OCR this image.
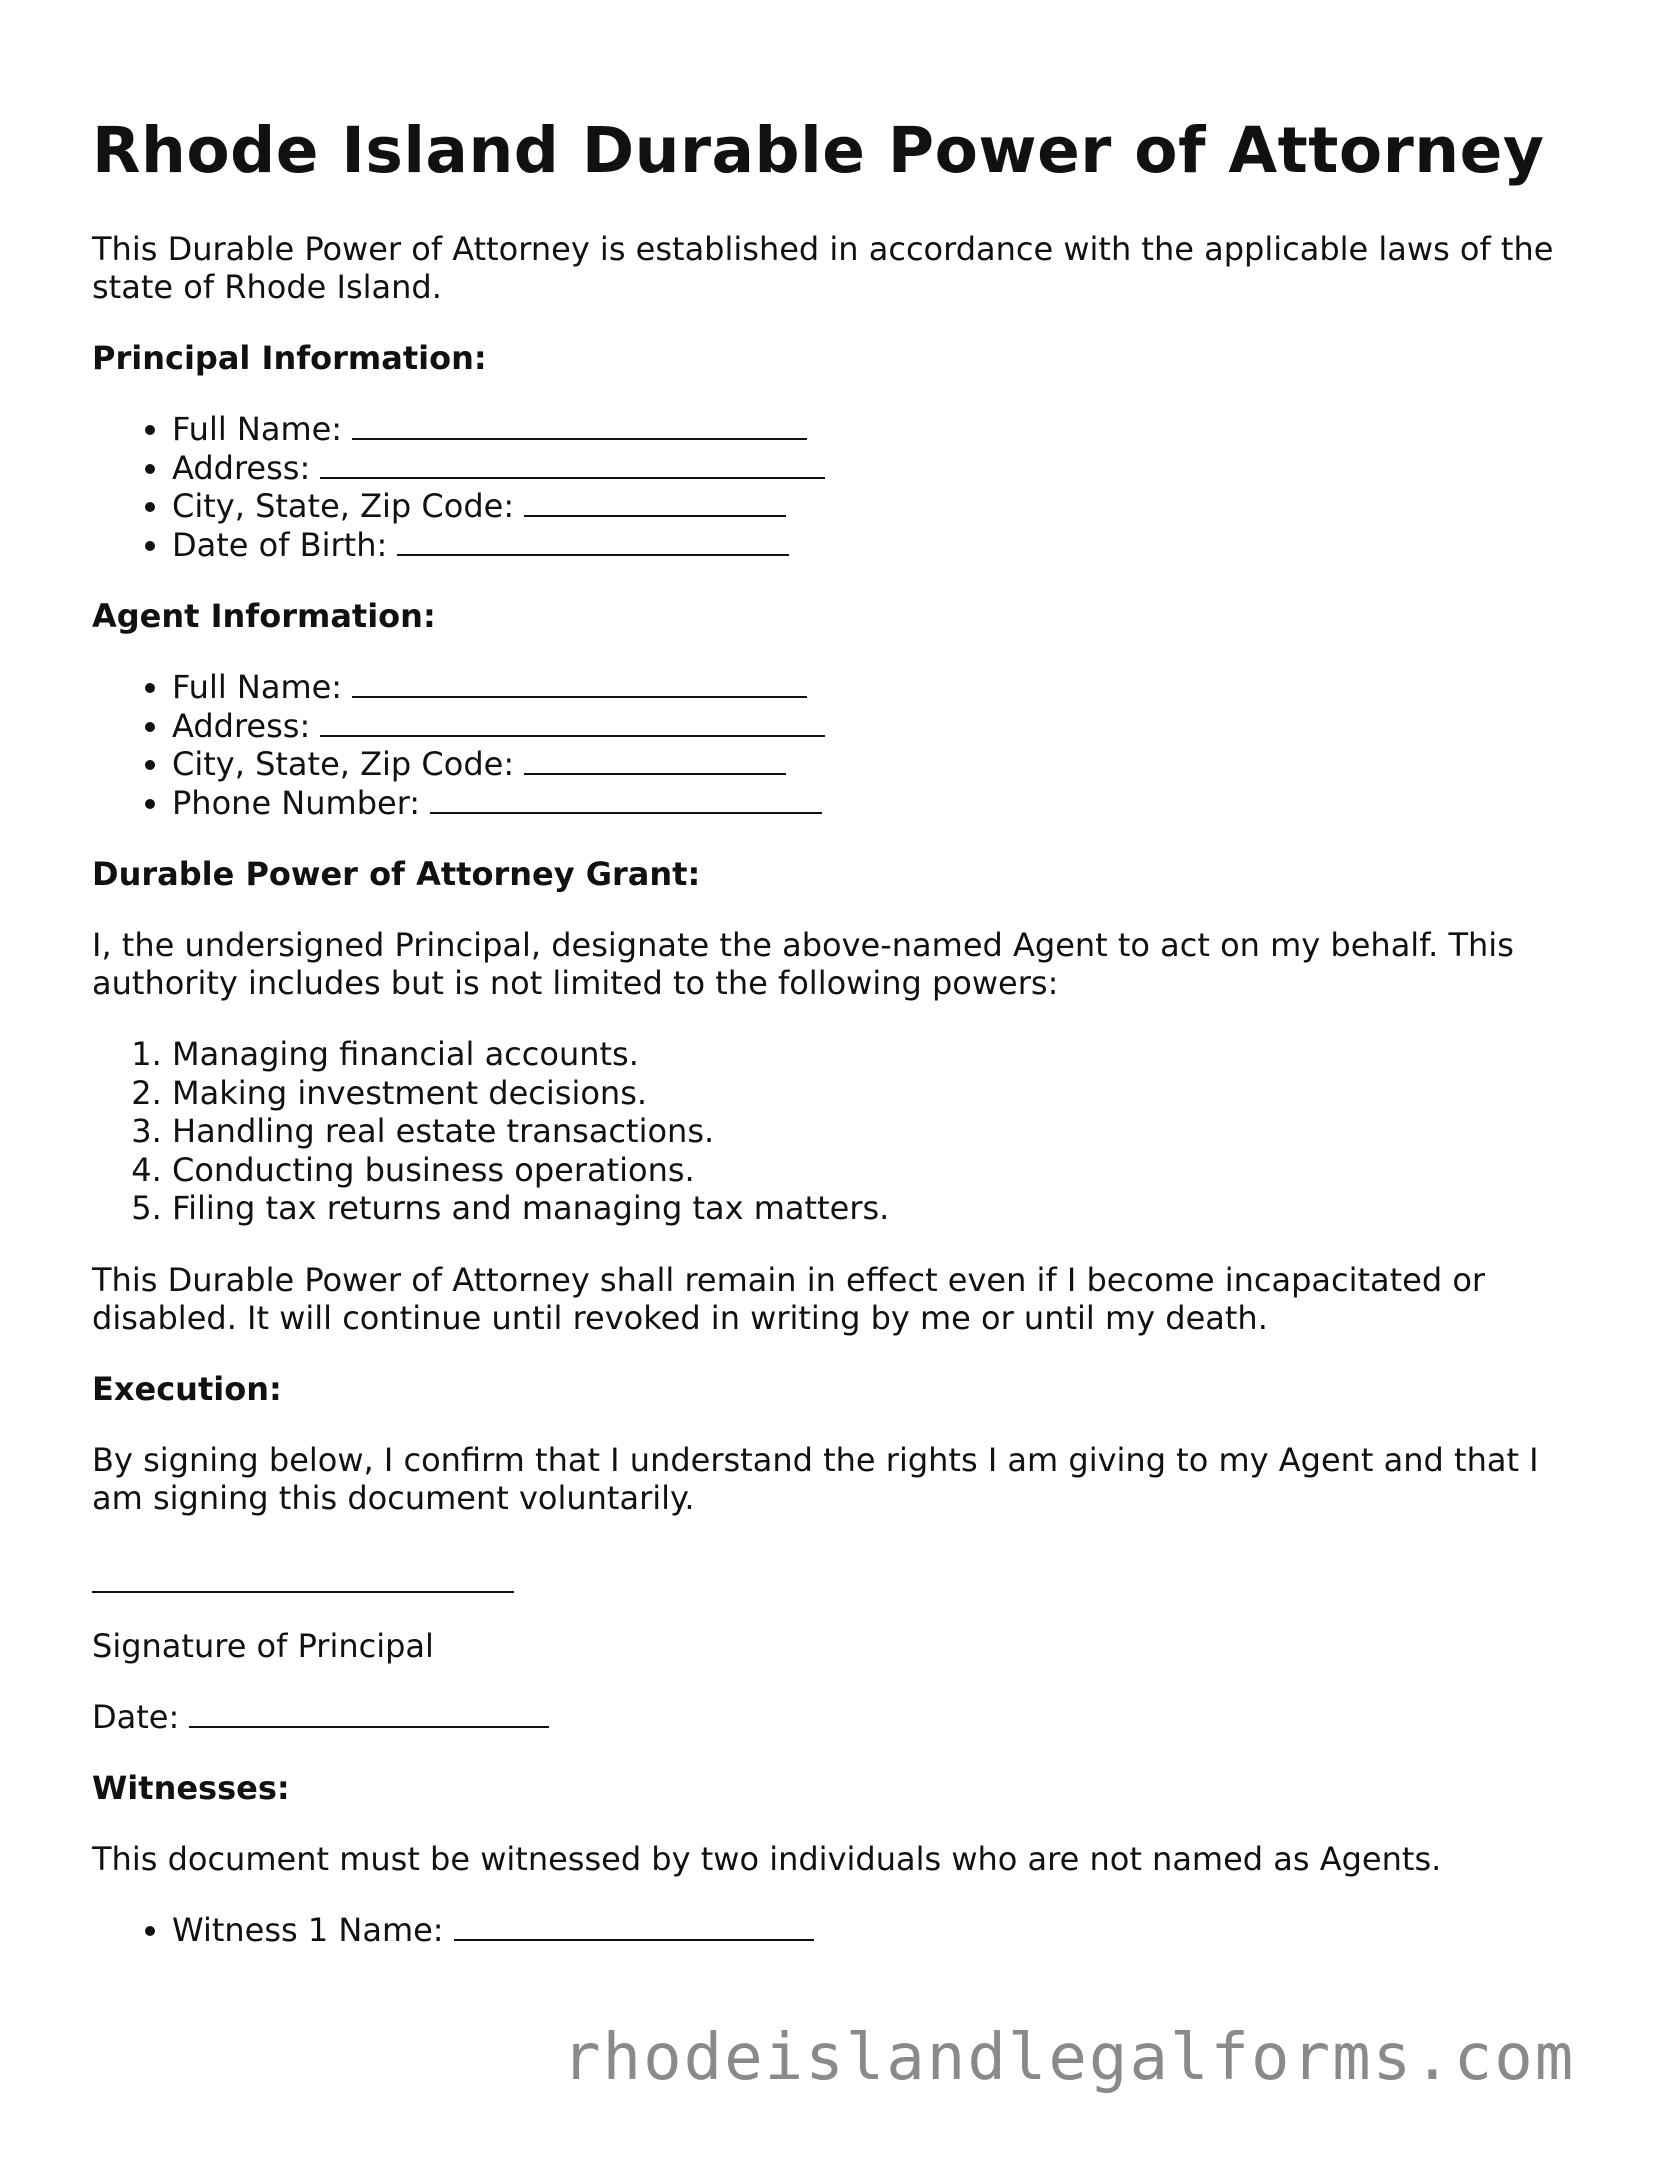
Rhode Island Durable Power of Attorney

This Durable Power of Attorney is established in accordance with the applicable laws of the state of Rhode Island.

Principal Information:
• Full Name:
• Address:
• City, State, Zip Code:
• Date of Birth:
Agent Information:
• Full Name:
• Address:
• City, State, Zip Code:
• Phone Number:
Durable Power of Attorney Grant:

I, the undersigned Principal, designate the above-named Agent to act on my behalf. This authority includes but is not limited to the following powers:

1. Managing financial accounts.
2. Making investment decisions.
3. Handling real estate transactions.
4. Conducting business operations.
5. Filing tax returns and managing tax matters.

This Durable Power of Attorney shall remain in effect even if I become incapacitated or disabled. It will continue until revoked in writing by me or until my death.

Execution:

By signing below, I confirm that I understand the rights I am giving to my Agent and that I am signing this document voluntarily.

Signature of Principal

Date:

Witnesses:

This document must be witnessed by two individuals who are not named as Agents.

• Witness 1 Name:
rhodeislandlegalforms.com
